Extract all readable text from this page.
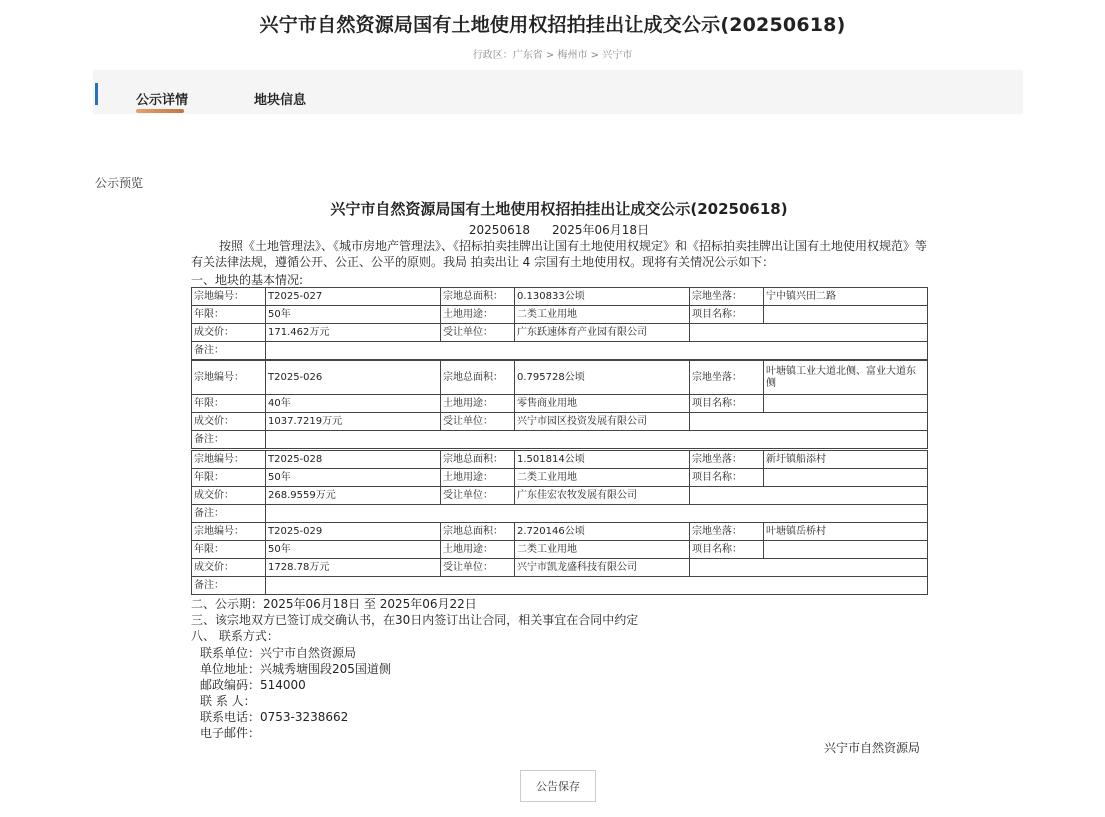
兴宁市自然资源局国有土地使用权招拍挂出让成交公示(20250618)
行政区：广东省 > 梅州市 > 兴宁市
公示详情	地块信息
公示预览
兴宁市自然资源局国有土地使用权招拍挂出让成交公示(20250618)
20250618 2025年06月18日
按照《土地管理法》、《城市房地产管理法》、《招标拍卖挂牌出让国有土地使用权规定》和《招标拍卖挂牌出让国有土地使用权规范》等有关法律法规，遵循公开、公正、公平的原则。我局 拍卖出让 4 宗国有土地使用权。现将有关情况公示如下：
一、地块的基本情况:
宗地编号：	T2025-027	宗地总面积：	0.130833公顷	宗地坐落：	宁中镇兴田二路
年限：	50年	土地用途：	二类工业用地	项目名称：	
成交价：	171.462万元	受让单位：	广东跃速体育产业园有限公司		
备注：					
宗地编号：	T2025-026	宗地总面积：	0.795728公顷	宗地坐落：	叶塘镇工业大道北侧、富业大道东侧
年限：	40年	土地用途：	零售商业用地	项目名称：	
成交价：	1037.7219万元	受让单位：	兴宁市园区投资发展有限公司		
备注：					
宗地编号：	T2025-028	宗地总面积：	1.501814公顷	宗地坐落：	新圩镇船添村
年限：	50年	土地用途：	二类工业用地	项目名称：	
成交价：	268.9559万元	受让单位：	广东佳宏农牧发展有限公司		
备注：					
宗地编号：	T2025-029	宗地总面积：	2.720146公顷	宗地坐落：	叶塘镇岳桥村
年限：	50年	土地用途：	二类工业用地	项目名称：	
成交价：	1728.78万元	受让单位：	兴宁市凯龙盛科技有限公司		
备注：					
二、公示期：2025年06月18日 至 2025年06月22日
三、该宗地双方已签订成交确认书，在30日内签订出让合同，相关事宜在合同中约定
八、 联系方式：
联系单位：兴宁市自然资源局
单位地址：兴城秀塘围段205国道侧
邮政编码：514000
联 系 人：
联系电话：0753-3238662
电子邮件：
兴宁市自然资源局
公告保存
